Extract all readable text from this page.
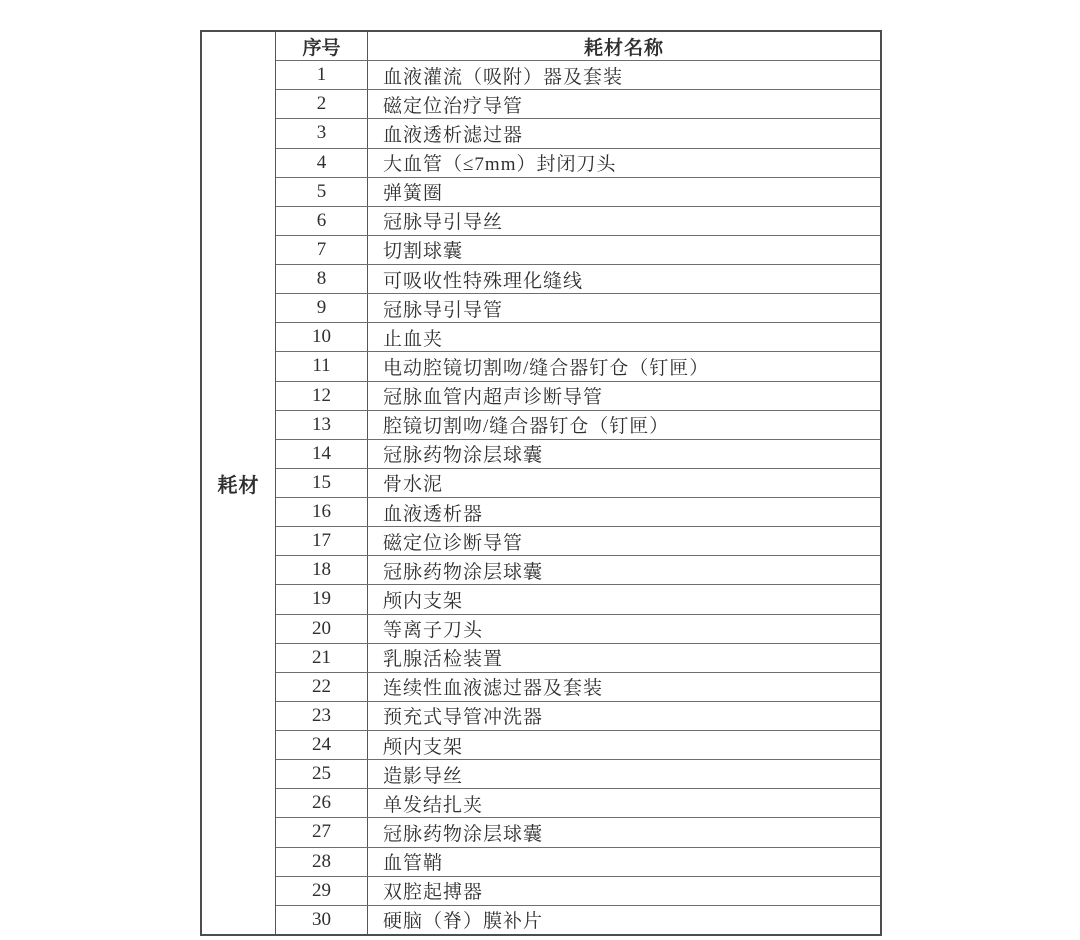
耗材
序号	耗材名称
1	血液灌流（吸附）器及套装
2	磁定位治疗导管
3	血液透析滤过器
4	大血管（≤7mm）封闭刀头
5	弹簧圈
6	冠脉导引导丝
7	切割球囊
8	可吸收性特殊理化缝线
9	冠脉导引导管
10	止血夹
11	电动腔镜切割吻/缝合器钉仓（钉匣）
12	冠脉血管内超声诊断导管
13	腔镜切割吻/缝合器钉仓（钉匣）
14	冠脉药物涂层球囊
15	骨水泥
16	血液透析器
17	磁定位诊断导管
18	冠脉药物涂层球囊
19	颅内支架
20	等离子刀头
21	乳腺活检装置
22	连续性血液滤过器及套装
23	预充式导管冲洗器
24	颅内支架
25	造影导丝
26	单发结扎夹
27	冠脉药物涂层球囊
28	血管鞘
29	双腔起搏器
30	硬脑（脊）膜补片
